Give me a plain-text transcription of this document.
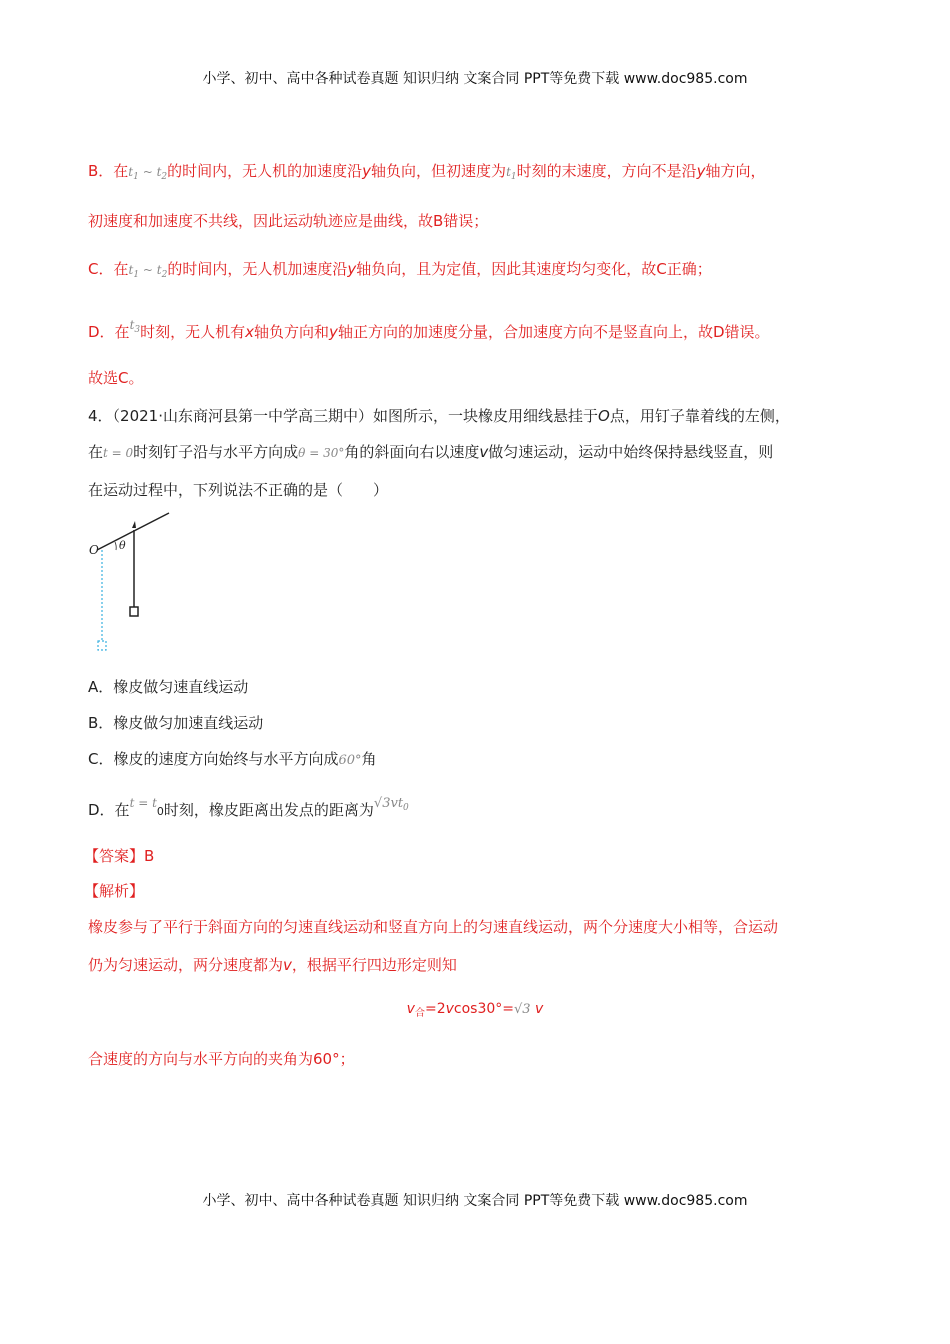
小学、初中、高中各种试卷真题 知识归纳 文案合同 PPT等免费下载 www.doc985.com
B．在$t_1$ ~ $t_2$的时间内，无人机的加速度沿y轴负向，但初速度为$t_1$时刻的末速度，方向不是沿y轴方向，
初速度和加速度不共线，因此运动轨迹应是曲线，故B错误；
C．在$t_1$ ~ $t_2$的时间内，无人机加速度沿y轴负向，且为定值，因此其速度均匀变化，故C正确；
D．在$^{t_3}$时刻，无人机有x轴负方向和y轴正方向的加速度分量，合加速度方向不是竖直向上，故D错误。
故选C。
4．（2021·山东商河县第一中学高三期中）如图所示，一块橡皮用细线悬挂于O点，用钉子靠着线的左侧，
在t = 0时刻钉子沿与水平方向成θ = 30°角的斜面向右以速度v做匀速运动，运动中始终保持悬线竖直，则
在运动过程中，下列说法不正确的是（　　）
O θ
A．橡皮做匀速直线运动
B．橡皮做匀加速直线运动
C．橡皮的速度方向始终与水平方向成60°角
D．在$^{t = t}$0时刻，橡皮距离出发点的距离为$√3vt_0$
【答案】B
【解析】
橡皮参与了平行于斜面方向的匀速直线运动和竖直方向上的匀速直线运动，两个分速度大小相等，合运动
仍为匀速运动，两分速度都为v，根据平行四边形定则知
$v_合=2vcos30^\circ=√3$ v
合速度的方向与水平方向的夹角为60°；
小学、初中、高中各种试卷真题 知识归纳 文案合同 PPT等免费下载 www.doc985.com
